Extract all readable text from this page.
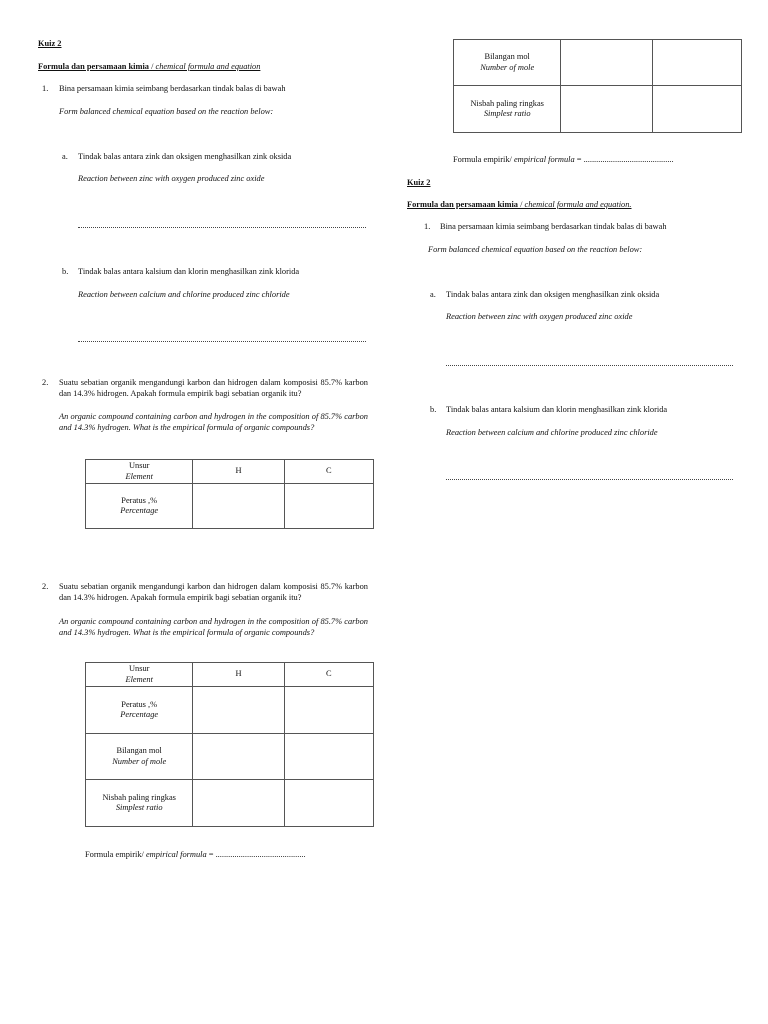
Kuiz 2
Formula dan persamaan kimia / chemical formula and equation
1. Bina persamaan kimia seimbang berdasarkan tindak balas di bawah
Form balanced chemical equation based on the reaction below:
a. Tindak balas antara zink dan oksigen menghasilkan zink oksida
Reaction between zinc with oxygen produced zinc oxide
b. Tindak balas antara kalsium dan klorin menghasilkan zink klorida
Reaction between calcium and chlorine produced zinc chloride
2. Suatu sebatian organik mengandungi karbon dan hidrogen dalam komposisi 85.7% karbon dan 14.3% hidrogen. Apakah formula empirik bagi sebatian organik itu?
An organic compound containing carbon and hydrogen in the composition of 85.7% carbon and 14.3% hydrogen. What is the empirical formula of organic compounds?
Unsur
Element	H	C

Peratus ,%
Percentage		

2. Suatu sebatian organik mengandungi karbon dan hidrogen dalam komposisi 85.7% karbon dan 14.3% hidrogen. Apakah formula empirik bagi sebatian organik itu?
An organic compound containing carbon and hydrogen in the composition of 85.7% carbon and 14.3% hydrogen. What is the empirical formula of organic compounds?
Unsur
Element	H	C

Peratus ,%
Percentage		

Bilangan mol
Number of mole		

Nisbah paling ringkas
Simplest ratio		

Formula empirik/ empirical formula = ...........................................
Bilangan mol
Number of mole		

Nisbah paling ringkas
Simplest ratio		

Formula empirik/ empirical formula = ...........................................
Kuiz 2
Formula dan persamaan kimia / chemical formula and equation.
1. Bina persamaan kimia seimbang berdasarkan tindak balas di bawah
Form balanced chemical equation based on the reaction below:
a. Tindak balas antara zink dan oksigen menghasilkan zink oksida
Reaction between zinc with oxygen produced zinc oxide
b. Tindak balas antara kalsium dan klorin menghasilkan zink klorida
Reaction between calcium and chlorine produced zinc chloride
